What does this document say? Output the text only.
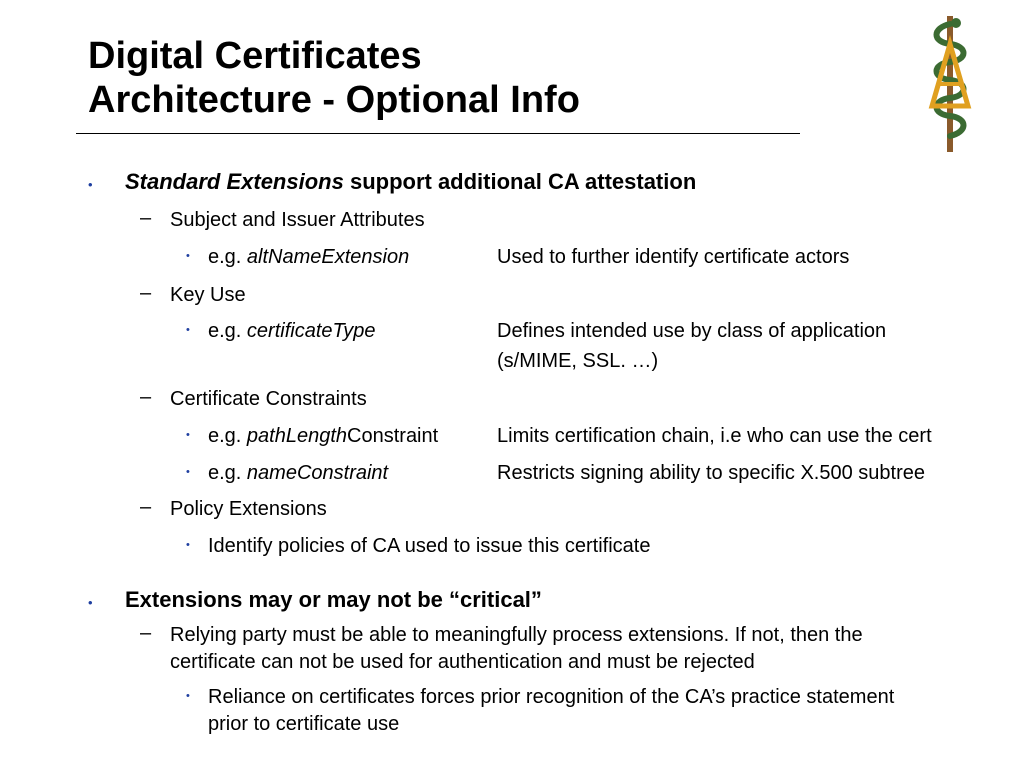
Digital Certificates
Architecture - Optional Info
• Standard Extensions support additional CA attestation
– Subject and Issuer Attributes
• e.g. altNameExtension	Used to further identify certificate actors
– Key Use
• e.g. certificateType	Defines intended use by class of application
(s/MIME, SSL. …)
– Certificate Constraints
• e.g. pathLengthConstraint	Limits certification chain, i.e who can use the cert
• e.g. nameConstraint	Restricts signing ability to specific X.500 subtree
– Policy Extensions
• Identify policies of CA used to issue this certificate
• Extensions may or may not be “critical”
– Relying party must be able to meaningfully process extensions. If not, then the
certificate can not be used for authentication and must be rejected
• Reliance on certificates forces prior recognition of the CA’s practice statement
prior to certificate use
